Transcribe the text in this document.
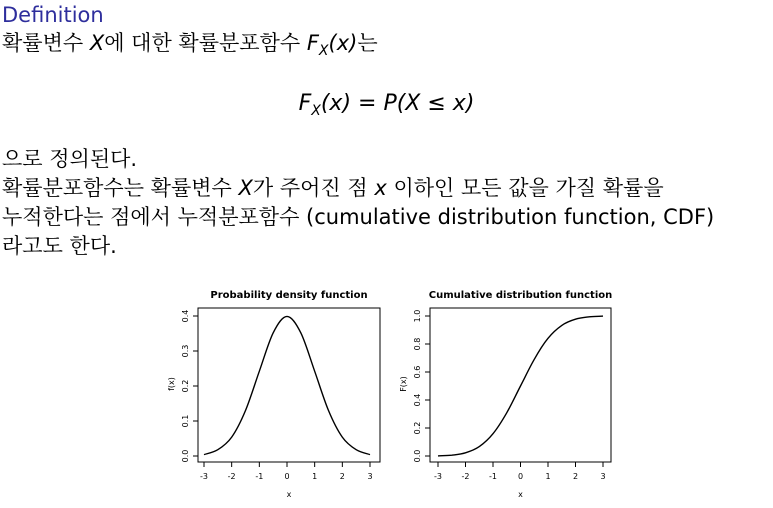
Definition
확률변수 X에 대한 확률분포함수 $F_X(x)$는
$F_X(x) = P(X \le x)$
으로 정의된다.
확률분포함수는 확률변수 X가 주어진 점 x 이하인 모든 값을 가질 확률을
누적한다는 점에서 누적분포함수 (cumulative distribution function, CDF)
라고도 한다.
Probability density function
-3 -2 -1	0	1	2	3
0.0
0.1
0.2
0.3
0.4
x
f(x)
Cumulative distribution function
-3 -2 -1	0	1	2	3
0.0
0.2
0.4
0.6
0.8
1.0
x
F(x)
